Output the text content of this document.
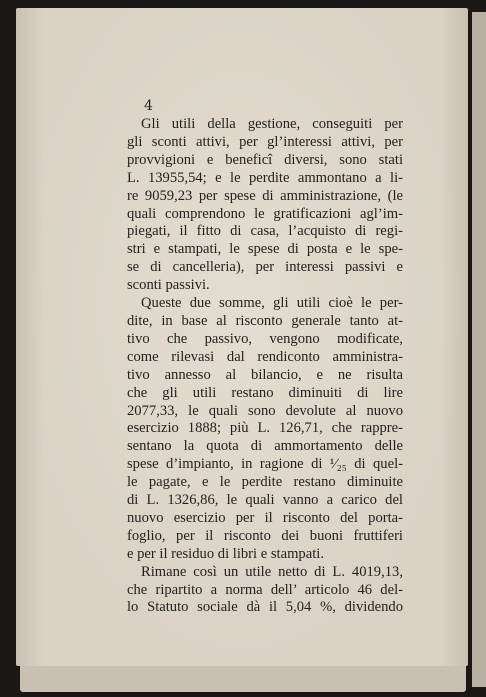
4
Gli utili della gestione, conseguiti per
gli sconti attivi, per gl’interessi attivi, per
provvigioni e beneficî diversi, sono stati
L. 13955,54; e le perdite ammontano a li-
re 9059,23 per spese di amministrazione, (le
quali comprendono le gratificazioni agl’im-
piegati, il fitto di casa, l’acquisto di regi-
stri e stampati, le spese di posta e le spe-
se di cancelleria), per interessi passivi e
sconti passivi.
Queste due somme, gli utili cioè le per-
dite, in base al risconto generale tanto at-
tivo che passivo, vengono modificate,
come rilevasi dal rendiconto amministra-
tivo annesso al bilancio, e ne risulta
che gli utili restano diminuiti di lire
2077,33, le quali sono devolute al nuovo
esercizio 1888; più L. 126,71, che rappre-
sentano la quota di ammortamento delle
spese d’impianto, in ragione di ¹⁄₂₅ di quel-
le pagate, e le perdite restano diminuite
di L. 1326,86, le quali vanno a carico del
nuovo esercizio per il risconto del porta-
foglio, per il risconto dei buoni fruttiferi
e per il residuo di libri e stampati.
Rimane così un utile netto di L. 4019,13,
che ripartito a norma dell’ articolo 46 del-
lo Statuto sociale dà il 5,04 %, dividendo
